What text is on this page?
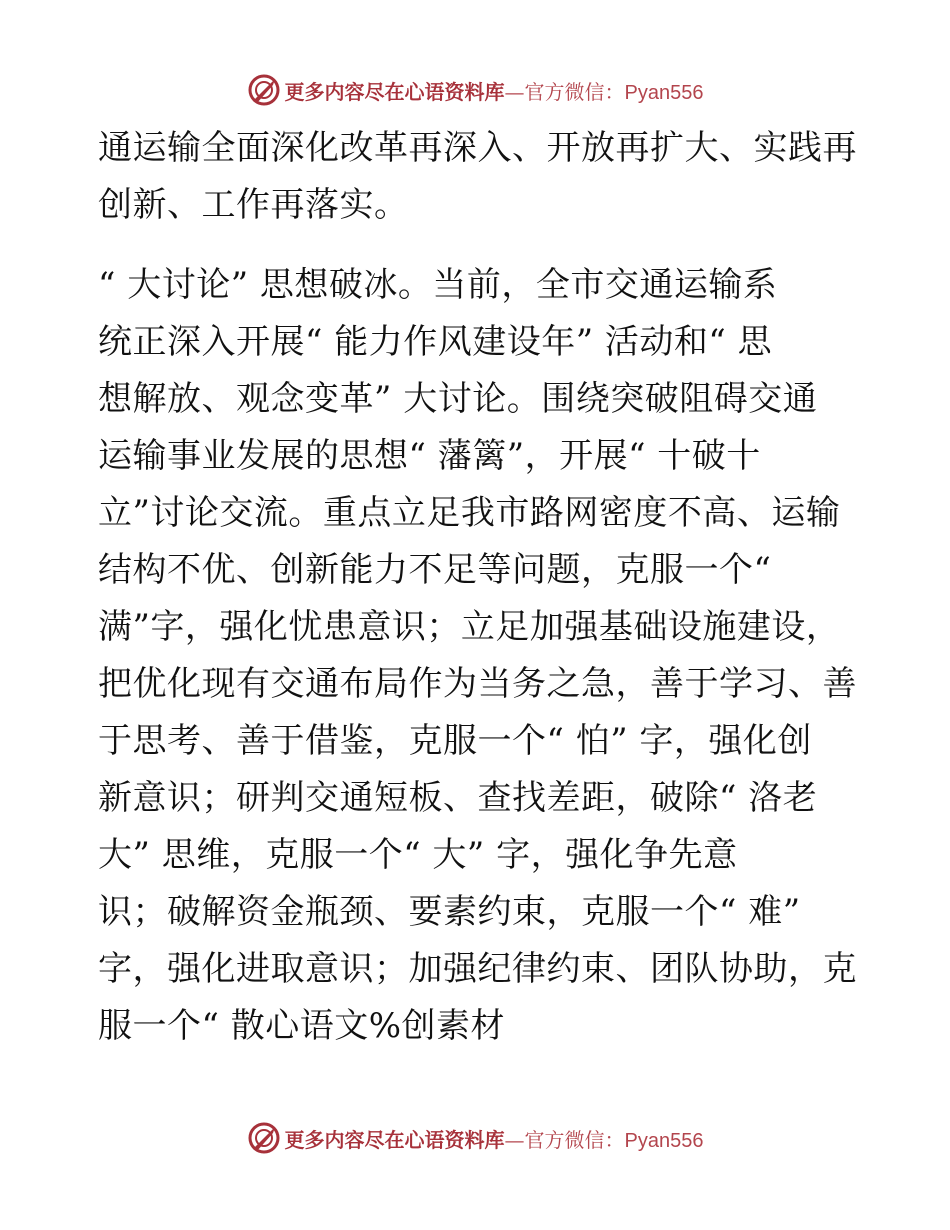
更多内容尽在心语资料库—官方微信：Pyan556
通运输全面深化改革再深入、开放再扩大、实践再
创新、工作再落实。
“ 大讨论” 思想破冰。当前，全市交通运输系
统正深入开展“ 能力作风建设年” 活动和“ 思
想解放、观念变革” 大讨论。围绕突破阻碍交通
运输事业发展的思想“ 藩篱”，开展“ 十破十
立”讨论交流。重点立足我市路网密度不高、运输
结构不优、创新能力不足等问题，克服一个“
满”字，强化忧患意识；立足加强基础设施建设，
把优化现有交通布局作为当务之急，善于学习、善
于思考、善于借鉴，克服一个“ 怕” 字，强化创
新意识；研判交通短板、查找差距，破除“ 洛老
大” 思维，克服一个“ 大” 字，强化争先意
识；破解资金瓶颈、要素约束，克服一个“ 难”
字，强化进取意识；加强纪律约束、团队协助，克
服一个“ 散心语文%创素材
更多内容尽在心语资料库—官方微信：Pyan556
